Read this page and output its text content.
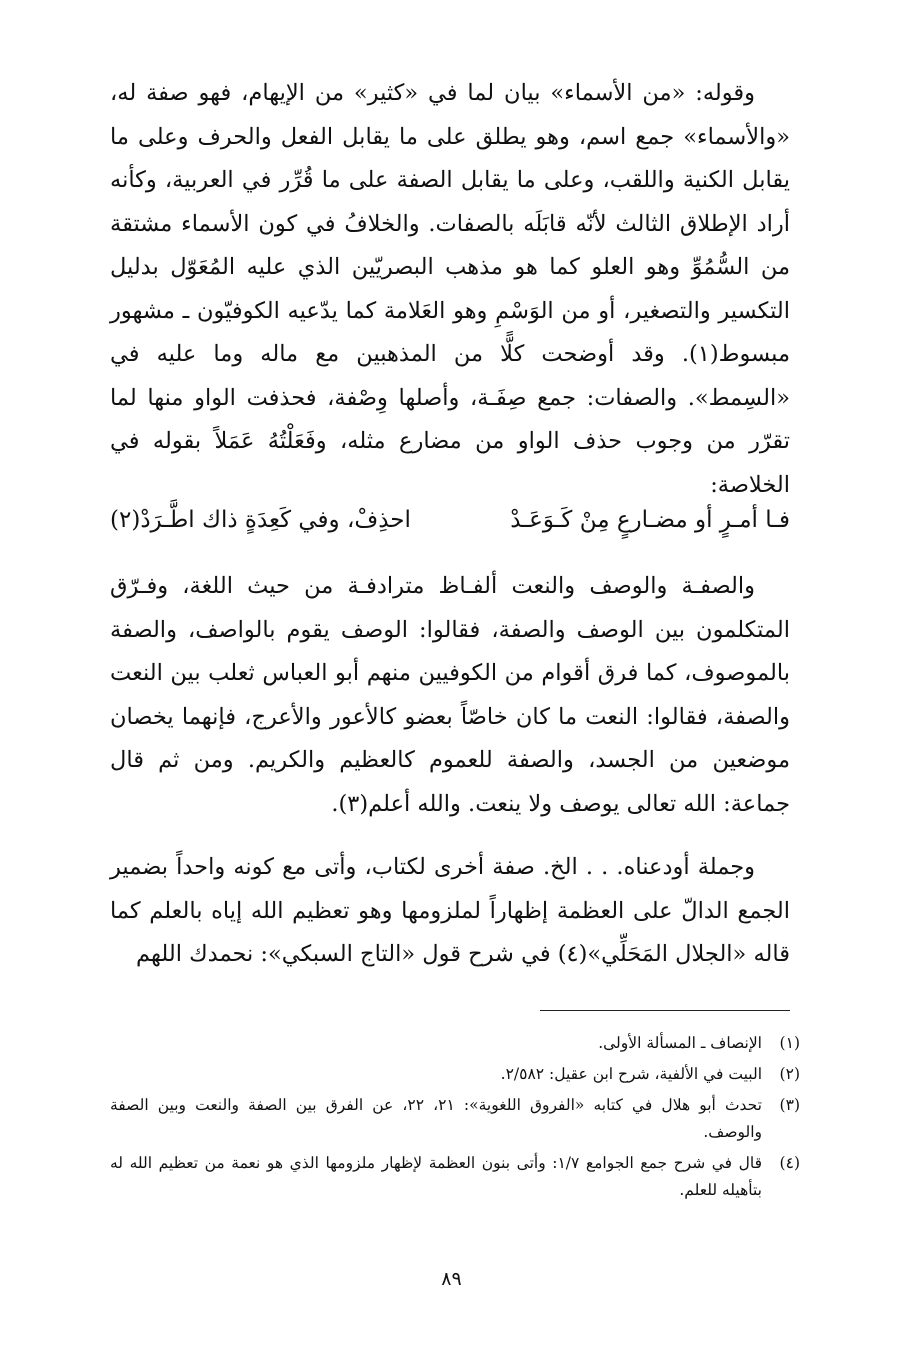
وقوله: «من الأسماء» بيان لما في «كثير» من الإيهام، فهو صفة له، «والأسماء» جمع اسم، وهو يطلق على ما يقابل الفعل والحرف وعلى ما يقابل الكنية واللقب، وعلى ما يقابل الصفة على ما قُرِّر في العربية، وكأنه أراد الإطلاق الثالث لأنّه قابَلَه بالصفات. والخلافُ في كون الأسماء مشتقة من السُّمُوِّ وهو العلو كما هو مذهب البصريّين الذي عليه المُعَوّل بدليل التكسير والتصغير، أو من الوَسْمِ وهو العَلامة كما يدّعيه الكوفيّون ـ مشهور مبسوط(١). وقد أوضحت كلًّا من المذهبين مع ماله وما عليه في «السِمط». والصفات: جمع صِفَـة، وأصلها وِصْفة، فحذفت الواو منها لما تقرّر من وجوب حذف الواو من مضارع مثله، وفَعَلْتُهُ عَمَلاً بقوله في الخلاصة:

فـا أمـرٍ أو مضـارعٍ مِنْ كَـوَعَـدْ
احذِفْ، وفي كَعِدَةٍ ذاك اطَّـرَدْ(٢)

والصفـة والوصف والنعت ألفـاظ مترادفـة من حيث اللغة، وفـرّق المتكلمون بين الوصف والصفة، فقالوا: الوصف يقوم بالواصف، والصفة بالموصوف، كما فرق أقوام من الكوفيين منهم أبو العباس ثعلب بين النعت والصفة، فقالوا: النعت ما كان خاصّاً بعضو كالأعور والأعرج، فإنهما يخصان موضعين من الجسد، والصفة للعموم كالعظيم والكريم. ومن ثم قال جماعة: الله تعالى يوصف ولا ينعت. والله أعلم(٣).

وجملة أودعناه. . . الخ. صفة أخرى لكتاب، وأتى مع كونه واحداً بضمير الجمع الدالّ على العظمة إظهاراً لملزومها وهو تعظيم الله إياه بالعلم كما قاله «الجلال المَحَلِّي»(٤) في شرح قول «التاج السبكي»: نحمدك اللهم

(١)
الإنصاف ـ المسألة الأولى.
(٢)
البيت في الألفية، شرح ابن عقيل: ٢/٥٨٢.
(٣)
تحدث أبو هلال في كتابه «الفروق اللغوية»: ٢١، ٢٢، عن الفرق بين الصفة والنعت وبين الصفة والوصف.
(٤)
قال في شرح جمع الجوامع ١/٧: وأتى بنون العظمة لإظهار ملزومها الذي هو نعمة من تعظيم الله له بتأهيله للعلم.
٨٩
